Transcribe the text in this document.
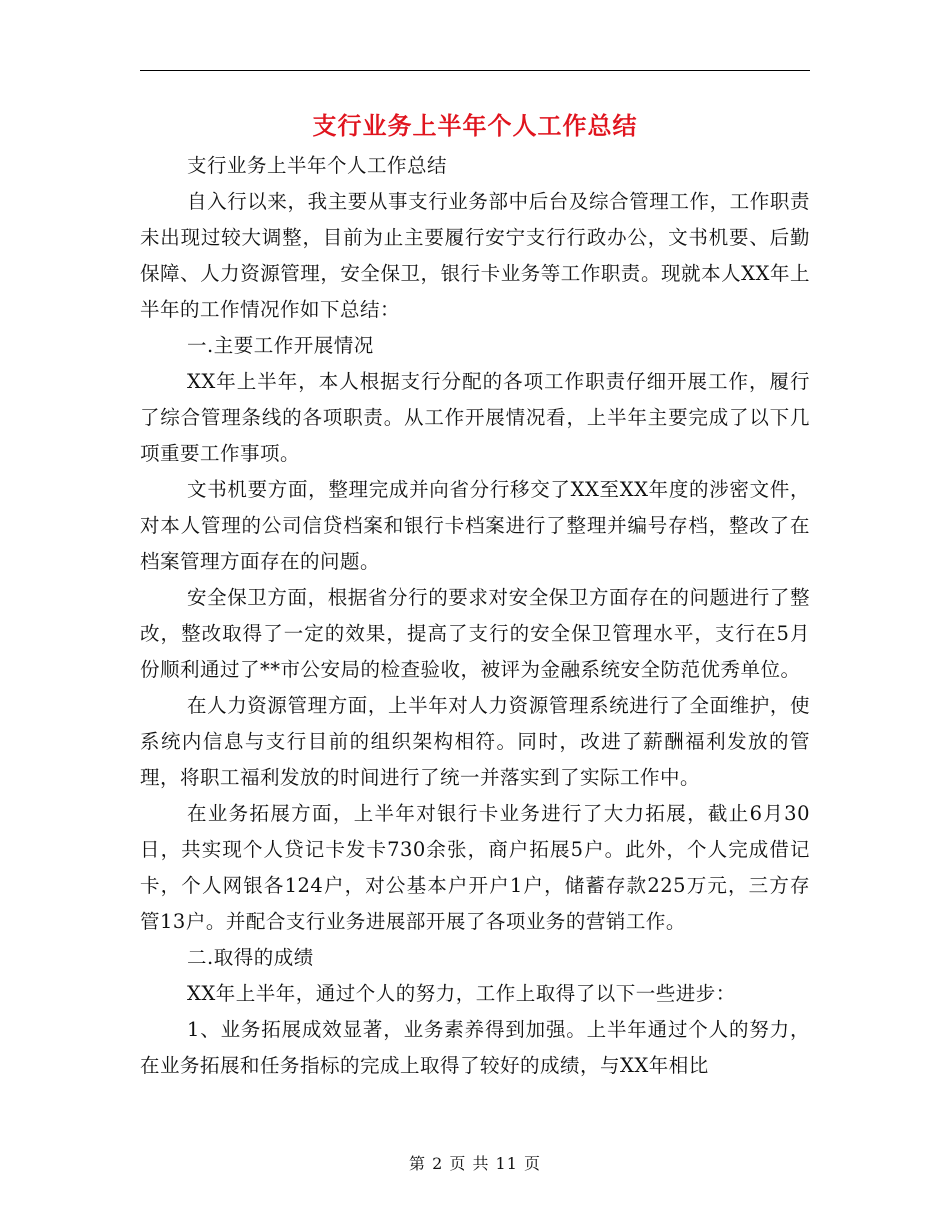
支行业务上半年个人工作总结

支行业务上半年个人工作总结

自入行以来，我主要从事支行业务部中后台及综合管理工作，工作职责未出现过较大调整，目前为止主要履行安宁支行行政办公，文书机要、后勤保障、人力资源管理，安全保卫，银行卡业务等工作职责。现就本人XX年上半年的工作情况作如下总结：

一.主要工作开展情况

XX年上半年，本人根据支行分配的各项工作职责仔细开展工作，履行了综合管理条线的各项职责。从工作开展情况看，上半年主要完成了以下几项重要工作事项。

文书机要方面，整理完成并向省分行移交了XX至XX年度的涉密文件，对本人管理的公司信贷档案和银行卡档案进行了整理并编号存档，整改了在档案管理方面存在的问题。

安全保卫方面，根据省分行的要求对安全保卫方面存在的问题进行了整改，整改取得了一定的效果，提高了支行的安全保卫管理水平，支行在5月份顺利通过了**市公安局的检查验收，被评为金融系统安全防范优秀单位。

在人力资源管理方面，上半年对人力资源管理系统进行了全面维护，使系统内信息与支行目前的组织架构相符。同时，改进了薪酬福利发放的管理，将职工福利发放的时间进行了统一并落实到了实际工作中。

在业务拓展方面，上半年对银行卡业务进行了大力拓展，截止6月30日，共实现个人贷记卡发卡730余张，商户拓展5户。此外，个人完成借记卡，个人网银各124户，对公基本户开户1户，储蓄存款225万元，三方存管13户。并配合支行业务进展部开展了各项业务的营销工作。

二.取得的成绩

XX年上半年，通过个人的努力，工作上取得了以下一些进步：

1、业务拓展成效显著，业务素养得到加强。上半年通过个人的努力，在业务拓展和任务指标的完成上取得了较好的成绩，与XX年相比

第 2 页 共 11 页
